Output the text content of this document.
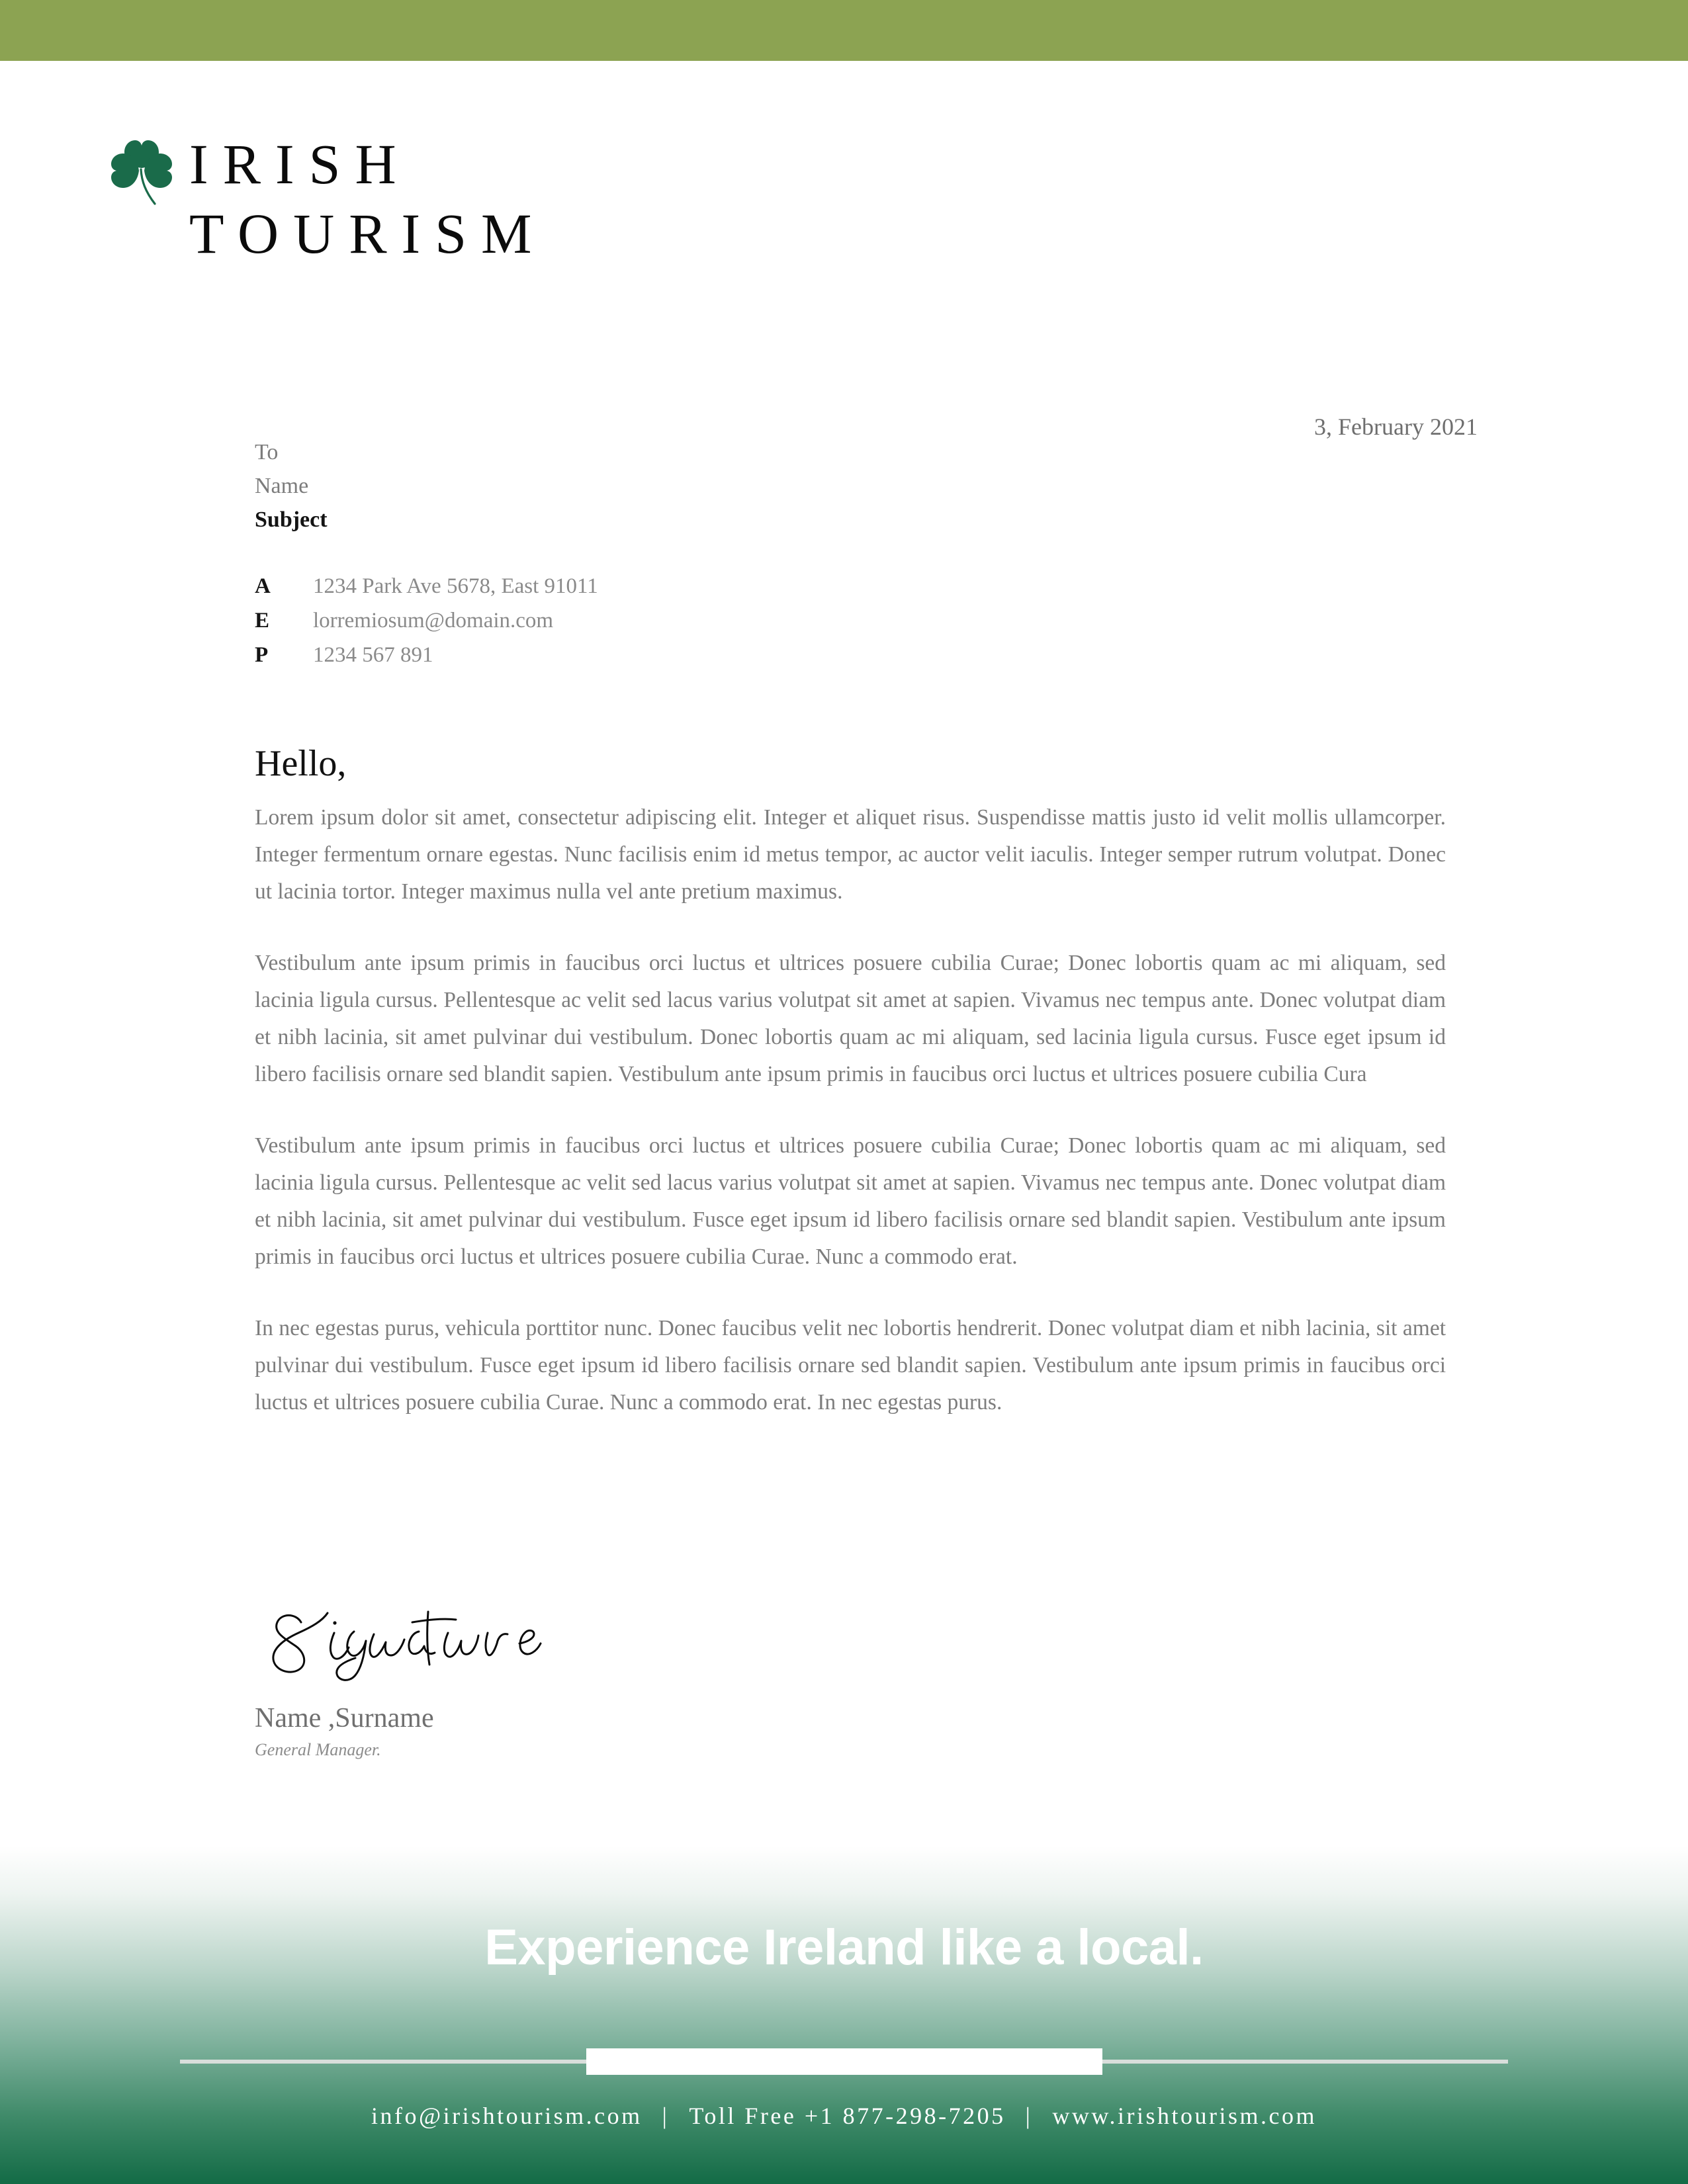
IRISH
TOURISM
3, February 2021
To
Name
Subject
A	1234 Park Ave 5678, East 91011
E	lorremiosum@domain.com
P	1234 567 891
Hello,

Lorem ipsum dolor sit amet, consectetur adipiscing elit. Integer et aliquet risus. Suspendisse mattis justo id velit mollis ullamcorper. Integer fermentum ornare egestas. Nunc facilisis enim id metus tempor, ac auctor velit iaculis. Integer semper rutrum volutpat. Donec ut lacinia tortor. Integer maximus nulla vel ante pretium maximus.

Vestibulum ante ipsum primis in faucibus orci luctus et ultrices posuere cubilia Curae; Donec lobortis quam ac mi aliquam, sed lacinia ligula cursus. Pellentesque ac velit sed lacus varius volutpat sit amet at sapien. Vivamus nec tempus ante. Donec volutpat diam et nibh lacinia, sit amet pulvinar dui vestibulum. Donec lobortis quam ac mi aliquam, sed lacinia ligula cursus. Fusce eget ipsum id libero facilisis ornare sed blandit sapien. Vestibulum ante ipsum primis in faucibus orci luctus et ultrices posuere cubilia Cura

Vestibulum ante ipsum primis in faucibus orci luctus et ultrices posuere cubilia Curae; Donec lobortis quam ac mi aliquam, sed lacinia ligula cursus. Pellentesque ac velit sed lacus varius volutpat sit amet at sapien. Vivamus nec tempus ante. Donec volutpat diam et nibh lacinia, sit amet pulvinar dui vestibulum. Fusce eget ipsum id libero facilisis ornare sed blandit sapien. Vestibulum ante ipsum primis in faucibus orci luctus et ultrices posuere cubilia Curae. Nunc a commodo erat.

In nec egestas purus, vehicula porttitor nunc. Donec faucibus velit nec lobortis hendrerit. Donec volutpat diam et nibh lacinia, sit amet pulvinar dui vestibulum. Fusce eget ipsum id libero facilisis ornare sed blandit sapien. Vestibulum ante ipsum primis in faucibus orci luctus et ultrices posuere cubilia Curae. Nunc a commodo erat. In nec egestas purus.

Name ,Surname
General Manager.
Experience Ireland like a local.
info@irishtourism.com | Toll Free +1 877-298-7205 | www.irishtourism.com
